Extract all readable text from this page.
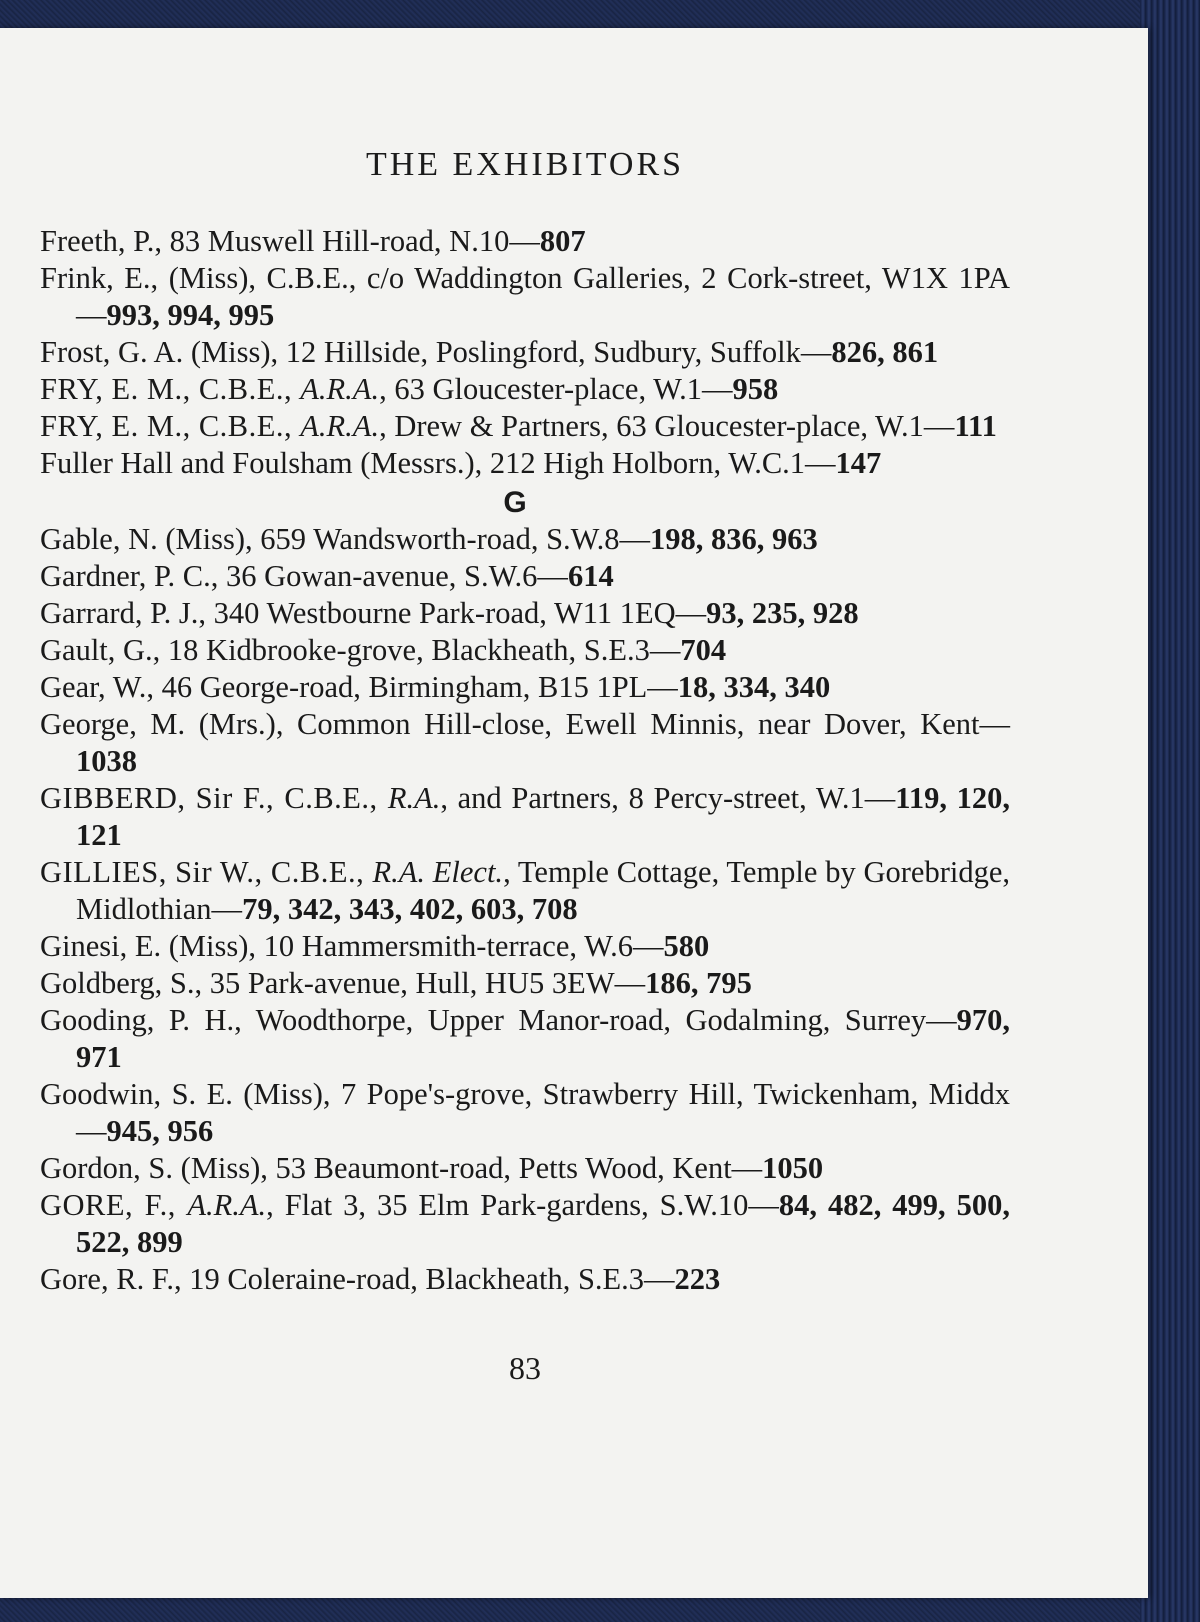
THE EXHIBITORS
Freeth, P., 83 Muswell Hill-road, N.10—807
Frink, E., (Miss), C.B.E., c/o Waddington Galleries, 2 Cork-street, W1X 1PA—993, 994, 995
Frost, G. A. (Miss), 12 Hillside, Poslingford, Sudbury, Suffolk—826, 861
FRY, E. M., C.B.E., A.R.A., 63 Gloucester-place, W.1—958
FRY, E. M., C.B.E., A.R.A., Drew & Partners, 63 Gloucester-place, W.1—111
Fuller Hall and Foulsham (Messrs.), 212 High Holborn, W.C.1—147
G
Gable, N. (Miss), 659 Wandsworth-road, S.W.8—198, 836, 963
Gardner, P. C., 36 Gowan-avenue, S.W.6—614
Garrard, P. J., 340 Westbourne Park-road, W11 1EQ—93, 235, 928
Gault, G., 18 Kidbrooke-grove, Blackheath, S.E.3—704
Gear, W., 46 George-road, Birmingham, B15 1PL—18, 334, 340
George, M. (Mrs.), Common Hill-close, Ewell Minnis, near Dover, Kent—1038
GIBBERD, Sir F., C.B.E., R.A., and Partners, 8 Percy-street, W.1—119, 120, 121
GILLIES, Sir W., C.B.E., R.A. Elect., Temple Cottage, Temple by Gorebridge, Midlothian—79, 342, 343, 402, 603, 708
Ginesi, E. (Miss), 10 Hammersmith-terrace, W.6—580
Goldberg, S., 35 Park-avenue, Hull, HU5 3EW—186, 795
Gooding, P. H., Woodthorpe, Upper Manor-road, Godalming, Surrey—970, 971
Goodwin, S. E. (Miss), 7 Pope's-grove, Strawberry Hill, Twickenham, Middx—945, 956
Gordon, S. (Miss), 53 Beaumont-road, Petts Wood, Kent—1050
GORE, F., A.R.A., Flat 3, 35 Elm Park-gardens, S.W.10—84, 482, 499, 500, 522, 899
Gore, R. F., 19 Coleraine-road, Blackheath, S.E.3—223
83
